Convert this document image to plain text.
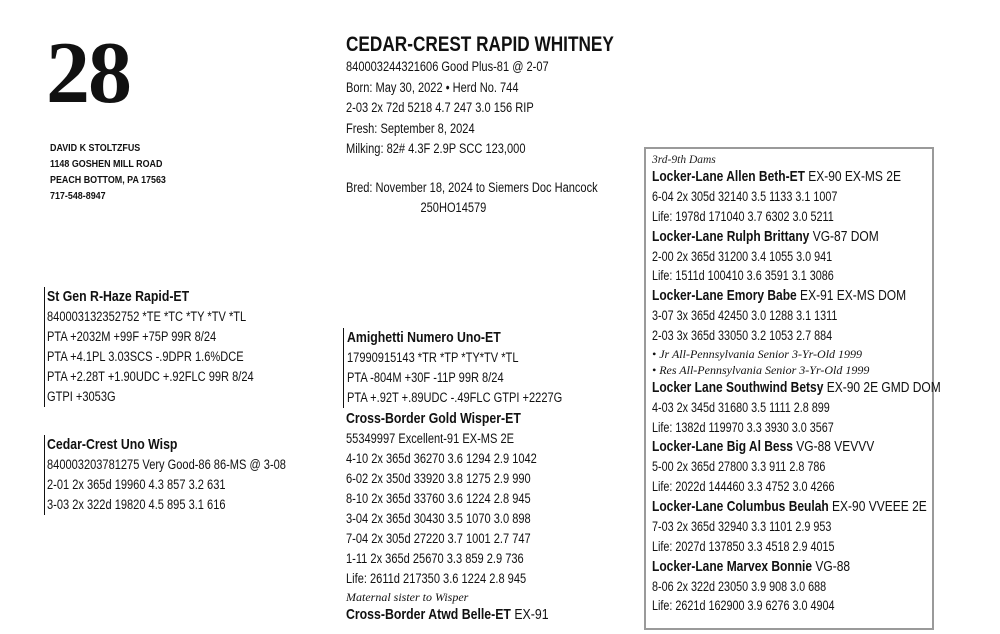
28
DAVID K STOLTZFUS
1148 GOSHEN MILL ROAD
PEACH BOTTOM, PA 17563
717-548-8947
CEDAR-CREST RAPID WHITNEY
840003244321606 Good Plus-81 @ 2-07
Born: May 30, 2022 • Herd No. 744
2-03 2x 72d 5218 4.7 247 3.0 156 RIP
Fresh: September 8, 2024
Milking: 82# 4.3F 2.9P SCC 123,000
Bred: November 18, 2024 to Siemers Doc Hancock
250HO14579
St Gen R-Haze Rapid-ET
840003132352752 *TE *TC *TY *TV *TL
PTA +2032M +99F +75P 99R 8/24
PTA +4.1PL 3.03SCS -.9DPR 1.6%DCE
PTA +2.28T +1.90UDC +.92FLC 99R 8/24
GTPI +3053G
Cedar-Crest Uno Wisp
840003203781275 Very Good-86 86-MS @ 3-08
2-01 2x 365d 19960 4.3 857 3.2 631
3-03 2x 322d 19820 4.5 895 3.1 616
Amighetti Numero Uno-ET
17990915143 *TR *TP *TY*TV *TL
PTA -804M +30F -11P 99R 8/24
PTA +.92T +.89UDC -.49FLC GTPI +2227G
Cross-Border Gold Wisper-ET
55349997 Excellent-91 EX-MS 2E
4-10 2x 365d 36270 3.6 1294 2.9 1042
6-02 2x 350d 33920 3.8 1275 2.9 990
8-10 2x 365d 33760 3.6 1224 2.8 945
3-04 2x 365d 30430 3.5 1070 3.0 898
7-04 2x 305d 27220 3.7 1001 2.7 747
1-11 2x 365d 25670 3.3 859 2.9 736
Life: 2611d 217350 3.6 1224 2.8 945
Maternal sister to Wisper
Cross-Border Atwd Belle-ET EX-91
3rd-9th Dams
Locker-Lane Allen Beth-ET EX-90 EX-MS 2E
6-04 2x 305d 32140 3.5 1133 3.1 1007
Life: 1978d 171040 3.7 6302 3.0 5211
Locker-Lane Rulph Brittany VG-87 DOM
2-00 2x 365d 31200 3.4 1055 3.0 941
Life: 1511d 100410 3.6 3591 3.1 3086
Locker-Lane Emory Babe EX-91 EX-MS DOM
3-07 3x 365d 42450 3.0 1288 3.1 1311
2-03 3x 365d 33050 3.2 1053 2.7 884
• Jr All-Pennsylvania Senior 3-Yr-Old 1999
• Res All-Pennsylvania Senior 3-Yr-Old 1999
Locker Lane Southwind Betsy EX-90 2E GMD DOM
4-03 2x 345d 31680 3.5 1111 2.8 899
Life: 1382d 119970 3.3 3930 3.0 3567
Locker-Lane Big Al Bess VG-88 VEVVV
5-00 2x 365d 27800 3.3 911 2.8 786
Life: 2022d 144460 3.3 4752 3.0 4266
Locker-Lane Columbus Beulah EX-90 VVEEE 2E
7-03 2x 365d 32940 3.3 1101 2.9 953
Life: 2027d 137850 3.3 4518 2.9 4015
Locker-Lane Marvex Bonnie VG-88
8-06 2x 322d 23050 3.9 908 3.0 688
Life: 2621d 162900 3.9 6276 3.0 4904
